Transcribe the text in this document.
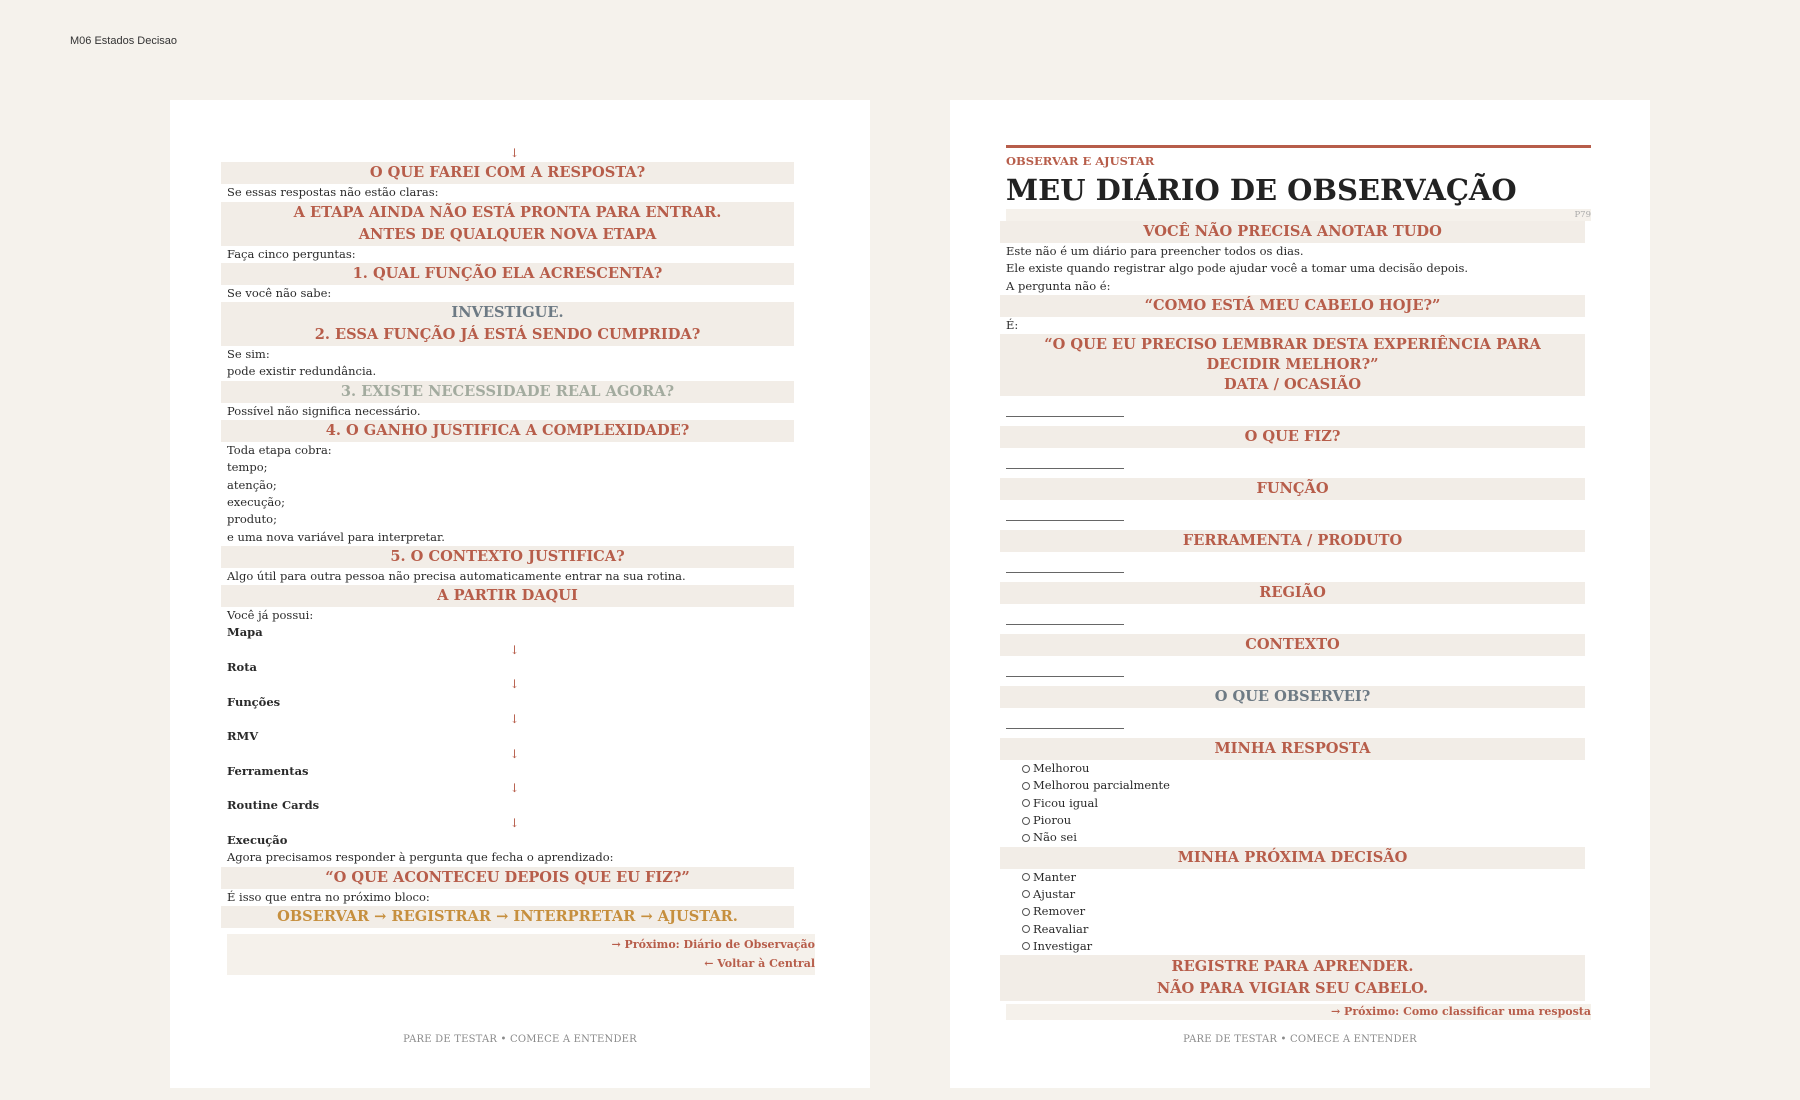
M06 Estados Decisao
↓
O QUE FAREI COM A RESPOSTA?
Se essas respostas não estão claras:
A ETAPA AINDA NÃO ESTÁ PRONTA PARA ENTRAR.
ANTES DE QUALQUER NOVA ETAPA
Faça cinco perguntas:
1. QUAL FUNÇÃO ELA ACRESCENTA?
Se você não sabe:
INVESTIGUE.
2. ESSA FUNÇÃO JÁ ESTÁ SENDO CUMPRIDA?
Se sim:
pode existir redundância.
3. EXISTE NECESSIDADE REAL AGORA?
Possível não significa necessário.
4. O GANHO JUSTIFICA A COMPLEXIDADE?
Toda etapa cobra:
tempo;
atenção;
execução;
produto;
e uma nova variável para interpretar.
5. O CONTEXTO JUSTIFICA?
Algo útil para outra pessoa não precisa automaticamente entrar na sua rotina.
A PARTIR DAQUI
Você já possui:
Mapa
↓
Rota
↓
Funções
↓
RMV
↓
Ferramentas
↓
Routine Cards
↓
Execução
Agora precisamos responder à pergunta que fecha o aprendizado:
“O QUE ACONTECEU DEPOIS QUE EU FIZ?”
É isso que entra no próximo bloco:
OBSERVAR → REGISTRAR → INTERPRETAR → AJUSTAR.
→ Próximo: Diário de Observação
← Voltar à Central
PARE DE TESTAR • COMECE A ENTENDER
OBSERVAR E AJUSTAR
MEU DIÁRIO DE OBSERVAÇÃO
P79
VOCÊ NÃO PRECISA ANOTAR TUDO
Este não é um diário para preencher todos os dias.
Ele existe quando registrar algo pode ajudar você a tomar uma decisão depois.
A pergunta não é:
“COMO ESTÁ MEU CABELO HOJE?”
É:
“O QUE EU PRECISO LEMBRAR DESTA EXPERIÊNCIA PARA DECIDIR MELHOR?”
DATA / OCASIÃO
O QUE FIZ?
FUNÇÃO
FERRAMENTA / PRODUTO
REGIÃO
CONTEXTO
O QUE OBSERVEI?
MINHA RESPOSTA
Melhorou
Melhorou parcialmente
Ficou igual
Piorou
Não sei
MINHA PRÓXIMA DECISÃO
Manter
Ajustar
Remover
Reavaliar
Investigar
REGISTRE PARA APRENDER.
NÃO PARA VIGIAR SEU CABELO.
→ Próximo: Como classificar uma resposta
PARE DE TESTAR • COMECE A ENTENDER
